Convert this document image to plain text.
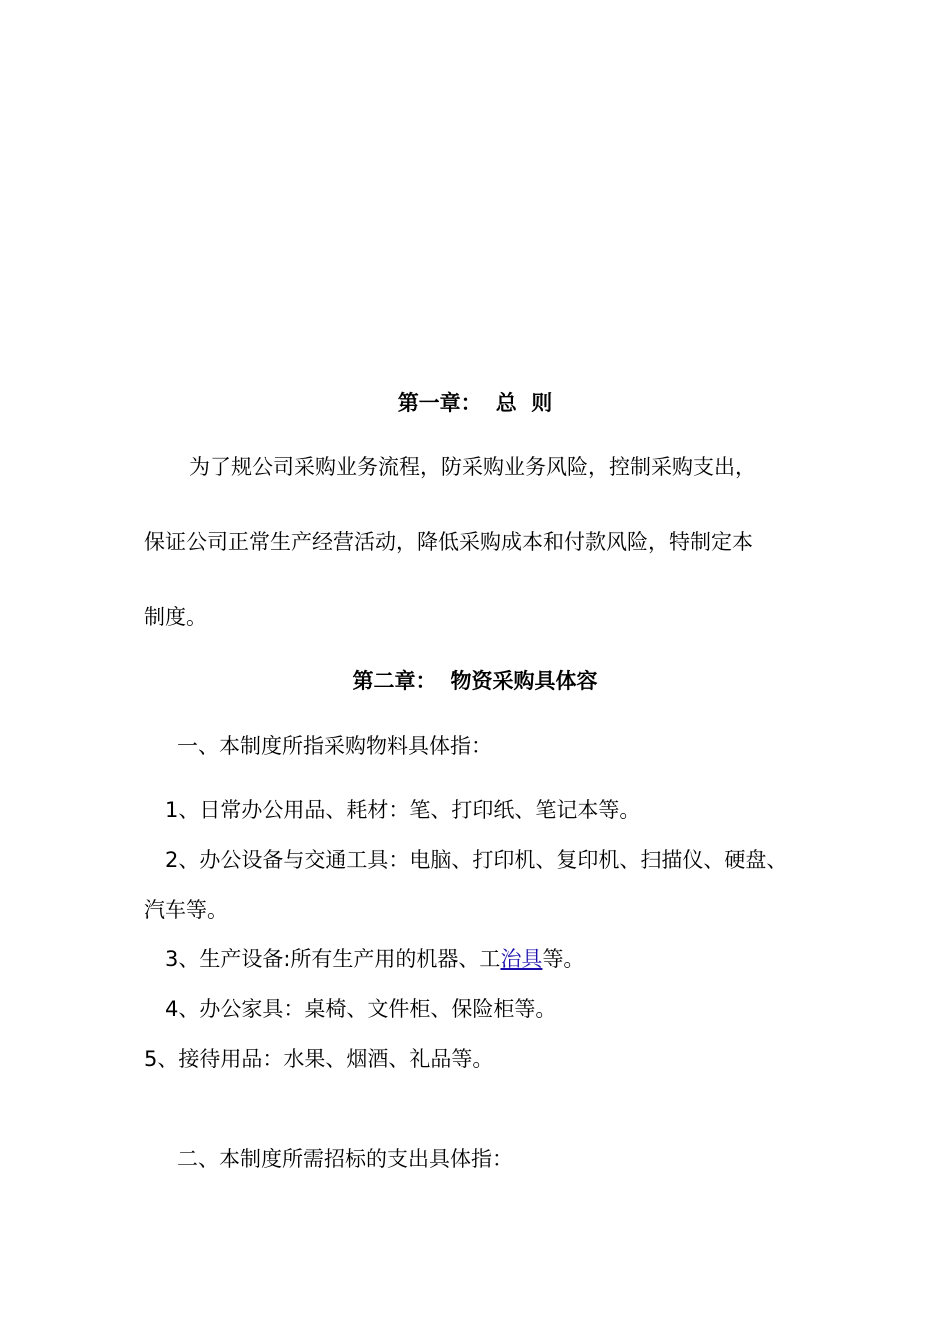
第一章： 总  则
为了规公司采购业务流程，防采购业务风险，控制采购支出，
保证公司正常生产经营活动，降低采购成本和付款风险，特制定本
制度。
第二章： 物资采购具体容
一、本制度所指采购物料具体指：
1、日常办公用品、耗材：笔、打印纸、笔记本等。
2、办公设备与交通工具：电脑、打印机、复印机、扫描仪、硬盘、
汽车等。
3、生产设备:所有生产用的机器、工治具等。
4、办公家具：桌椅、文件柜、保险柜等。
5、接待用品：水果、烟酒、礼品等。
二、本制度所需招标的支出具体指：
